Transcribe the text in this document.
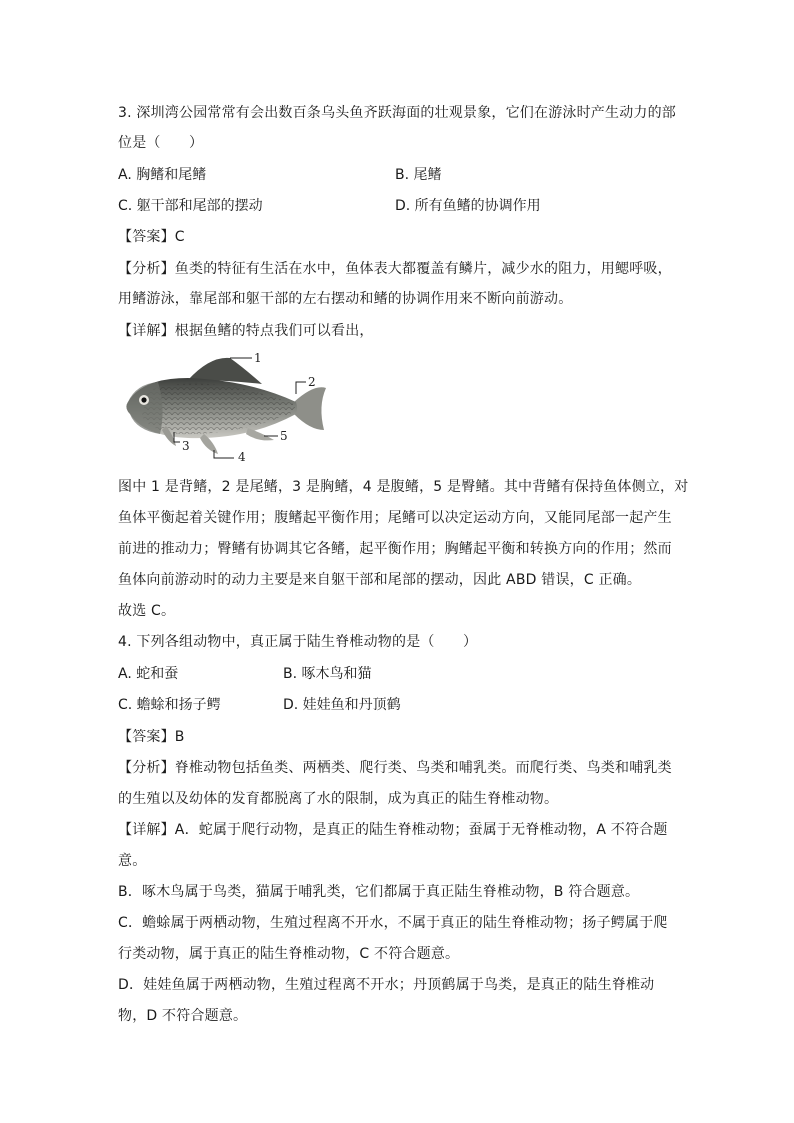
3. 深圳湾公园常常有会出数百条乌头鱼齐跃海面的壮观景象，它们在游泳时产生动力的部
位是（　　）
A. 胸鳍和尾鳍	B. 尾鳍
C. 躯干部和尾部的摆动	D. 所有鱼鳍的协调作用
【答案】C
【分析】鱼类的特征有生活在水中，鱼体表大都覆盖有鳞片，减少水的阻力，用鳃呼吸，
用鳍游泳，靠尾部和躯干部的左右摆动和鳍的协调作用来不断向前游动。
【详解】根据鱼鳍的特点我们可以看出，
1
2
3
4
5
图中 1 是背鳍，2 是尾鳍，3 是胸鳍，4 是腹鳍，5 是臀鳍。其中背鳍有保持鱼体侧立，对
鱼体平衡起着关键作用；腹鳍起平衡作用；尾鳍可以决定运动方向，又能同尾部一起产生
前进的推动力；臀鳍有协调其它各鳍，起平衡作用；胸鳍起平衡和转换方向的作用；然而
鱼体向前游动时的动力主要是来自躯干部和尾部的摆动，因此 ABD 错误，C 正确。
故选 C。
4. 下列各组动物中，真正属于陆生脊椎动物的是（　　）
A. 蛇和蚕	B. 啄木鸟和猫
C. 蟾蜍和扬子鳄	D. 娃娃鱼和丹顶鹤
【答案】B
【分析】脊椎动物包括鱼类、两栖类、爬行类、鸟类和哺乳类。而爬行类、鸟类和哺乳类
的生殖以及幼体的发育都脱离了水的限制，成为真正的陆生脊椎动物。
【详解】A．蛇属于爬行动物，是真正的陆生脊椎动物；蚕属于无脊椎动物，A 不符合题
意。
B．啄木鸟属于鸟类，猫属于哺乳类，它们都属于真正陆生脊椎动物，B 符合题意。
C．蟾蜍属于两栖动物，生殖过程离不开水，不属于真正的陆生脊椎动物；扬子鳄属于爬
行类动物，属于真正的陆生脊椎动物，C 不符合题意。
D．娃娃鱼属于两栖动物，生殖过程离不开水；丹顶鹤属于鸟类，是真正的陆生脊椎动
物，D 不符合题意。
